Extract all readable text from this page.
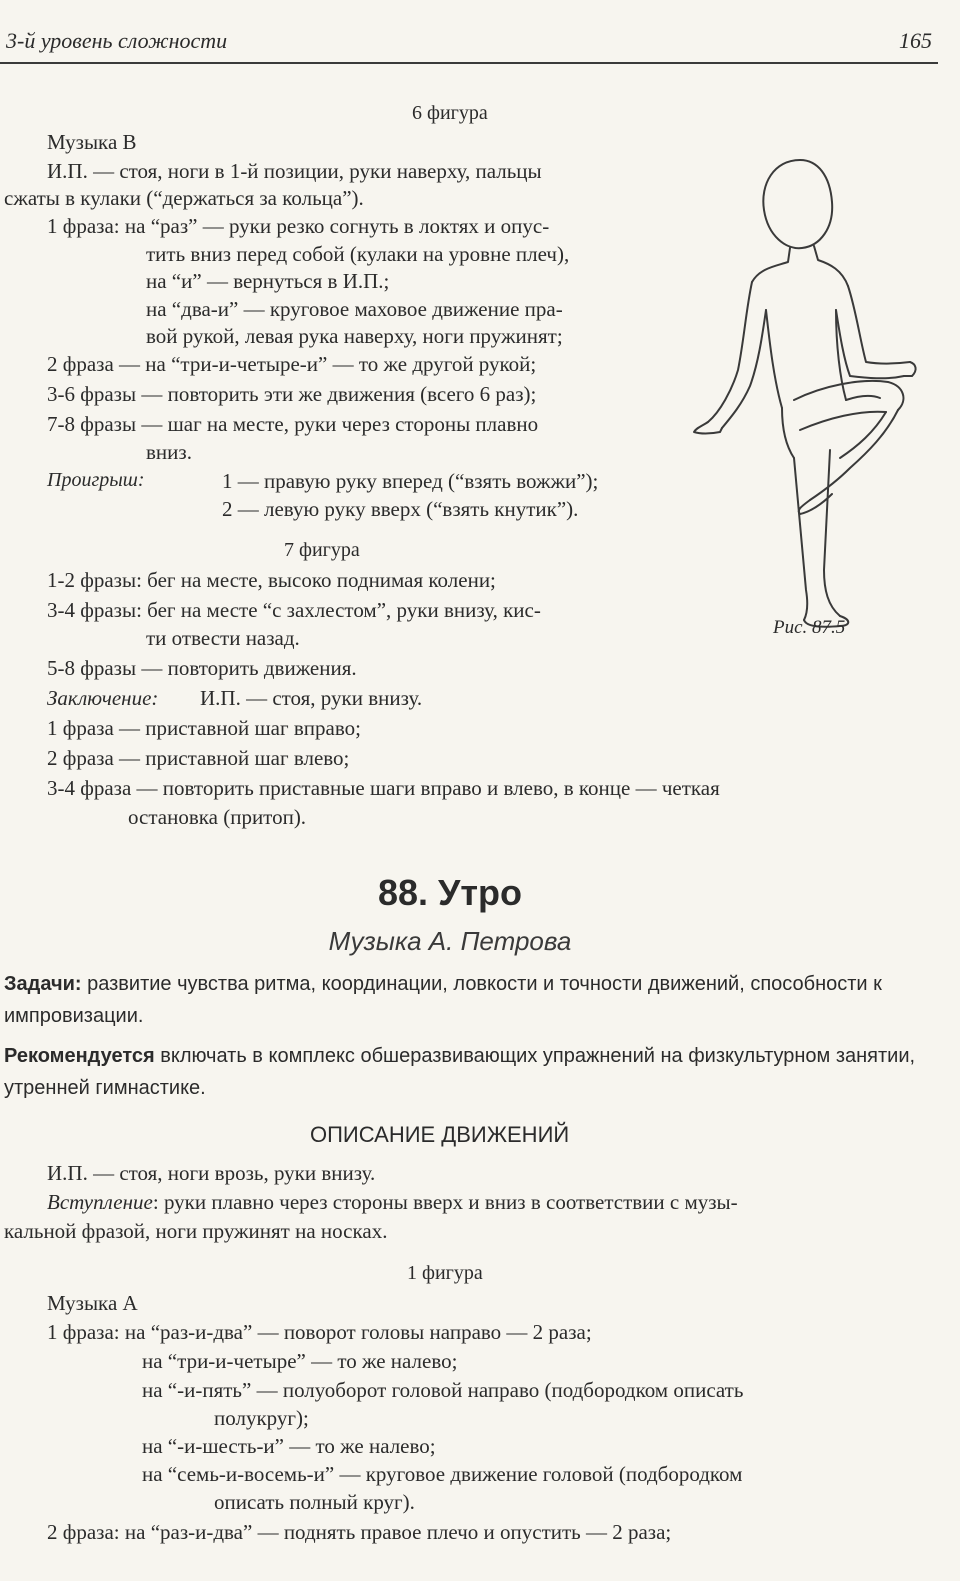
3-й уровень сложности	165
6 фигура
Музыка В
И.П. — стоя, ноги в 1-й позиции, руки наверху, пальцы
сжаты в кулаки (“держаться за кольца”).
1 фраза: на “раз” — руки резко согнуть в локтях и опус-
тить вниз перед собой (кулаки на уровне плеч),
на “и” — вернуться в И.П.;
на “два-и” — круговое маховое движение пра-
вой рукой, левая рука наверху, ноги пружинят;
2 фраза — на “три-и-четыре-и” — то же другой рукой;
3-6 фразы — повторить эти же движения (всего 6 раз);
7-8 фразы — шаг на месте, руки через стороны плавно
вниз.
Проигрыш:	1 — правую руку вперед (“взять вожжи”);
2 — левую руку вверх (“взять кнутик”).
7 фигура
1-2 фразы: бег на месте, высоко поднимая колени;
3-4 фразы: бег на месте “с захлестом”, руки внизу, кис-
ти отвести назад.
5-8 фразы — повторить движения.
Заключение: И.П. — стоя, руки внизу.
1 фраза — приставной шаг вправо;
2 фраза — приставной шаг влево;
3-4 фраза — повторить приставные шаги вправо и влево, в конце — четкая
остановка (притоп).
Рис. 87.5
88. Утро
Музыка А. Петрова
Задачи: развитие чувства ритма, координации, ловкости и точности движений, способности к импровизации.
Рекомендуется включать в комплекс обшеразвивающих упражнений на физкультурном занятии, утренней гимнастике.
ОПИСАНИЕ ДВИЖЕНИЙ
И.П. — стоя, ноги врозь, руки внизу.
Вступление: руки плавно через стороны вверх и вниз в соответствии с музы-
кальной фразой, ноги пружинят на носках.
1 фигура
Музыка А
1 фраза: на “раз-и-два” — поворот головы направо — 2 раза;
на “три-и-четыре” — то же налево;
на “-и-пять” — полуоборот головой направо (подбородком описать
полукруг);
на “-и-шесть-и” — то же налево;
на “семь-и-восемь-и” — круговое движение головой (подбородком
описать полный круг).
2 фраза: на “раз-и-два” — поднять правое плечо и опустить — 2 раза;
